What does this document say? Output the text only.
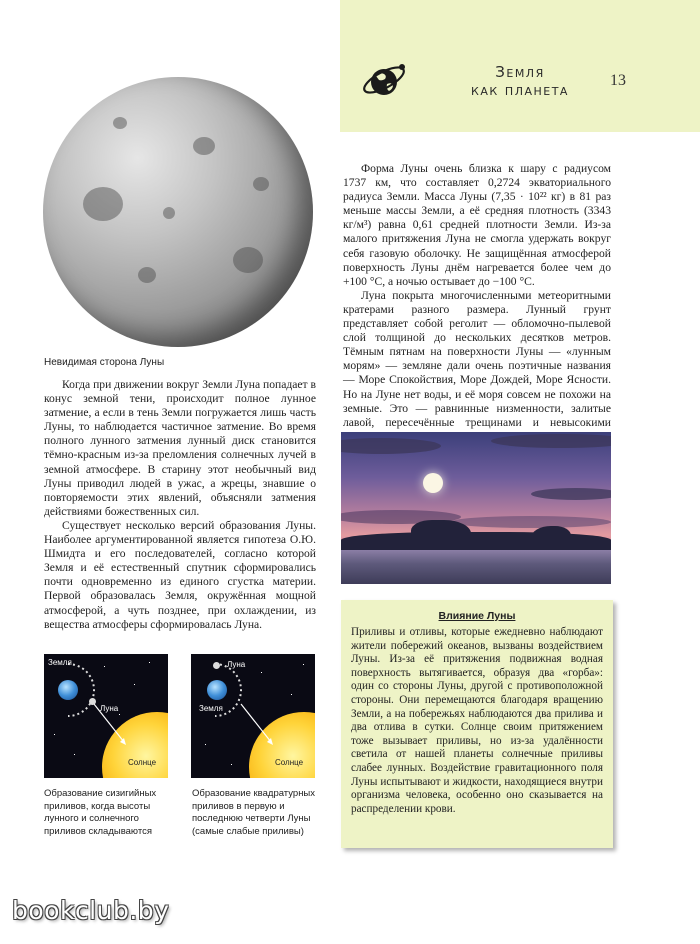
Земля
как планета
13
Невидимая сторона Луны

Когда при движении вокруг Земли Луна попадает в конус земной тени, происходит полное лунное затмение, а если в тень Земли погружается лишь часть Луны, то наблюдается частичное затмение. Во время полного лунного затмения лунный диск становится тёмно-красным из-за преломления солнечных лучей в земной атмосфере. В старину этот необычный вид Луны приводил людей в ужас, а жрецы, знавшие о повторяемости этих явлений, объясняли затмения действиями божественных сил.

Существует несколько версий образования Луны. Наиболее аргументированной является гипотеза О.Ю. Шмидта и его последователей, согласно которой Земля и её естественный спутник сформировались почти одновременно из единого сгустка материи. Первой образовалась Земля, окружённая мощной атмосферой, а чуть позднее, при охлаждении, из вещества атмосферы сформировалась Луна.

Форма Луны очень близка к шару с радиусом 1737 км, что составляет 0,2724 экваториального радиуса Земли. Масса Луны (7,35 · 10²² кг) в 81 раз меньше массы Земли, а её средняя плотность (3343 кг/м³) равна 0,61 средней плотности Земли. Из-за малого притяжения Луна не смогла удержать вокруг себя газовую оболочку. Не защищённая атмосферой поверхность Луны днём нагревается более чем до +100 °C, а ночью остывает до −100 °C.

Луна покрыта многочисленными метеоритными кратерами разного размера. Лунный грунт представляет собой реголит — обломочно-пылевой слой толщиной до нескольких десятков метров. Тёмным пятнам на поверхности Луны — «лунным морям» — земляне дали очень поэтичные названия — Море Спокойствия, Море Дождей, Море Ясности. Но на Луне нет воды, и её моря совсем не похожи на земные. Это — равнинные низменности, залитые лавой, пересечённые трещинами и невысокими

Земля
Луна
Солнце
Образование сизигийных приливов, когда высоты лунного и солнечного приливов складываются
Луна
Земля
Солнце
Образование квадратурных приливов в первую и последнюю четверти Луны (самые слабые приливы)
Влияние Луны
Приливы и отливы, которые ежедневно наблюдают жители побережий океанов, вызваны воздействием Луны. Из-за её притяжения подвижная водная поверхность вытягивается, образуя два «горба»: один со стороны Луны, другой с противоположной стороны. Они перемещаются благодаря вращению Земли, а на побережьях наблюдаются два прилива и два отлива в сутки. Солнце своим притяжением тоже вызывает приливы, но из-за удалённости светила от нашей планеты солнечные приливы слабее лунных. Воздействие гравитационного поля Луны испытывают и жидкости, находящиеся внутри организма человека, особенно оно сказывается на распределении крови.
bookclub.by
